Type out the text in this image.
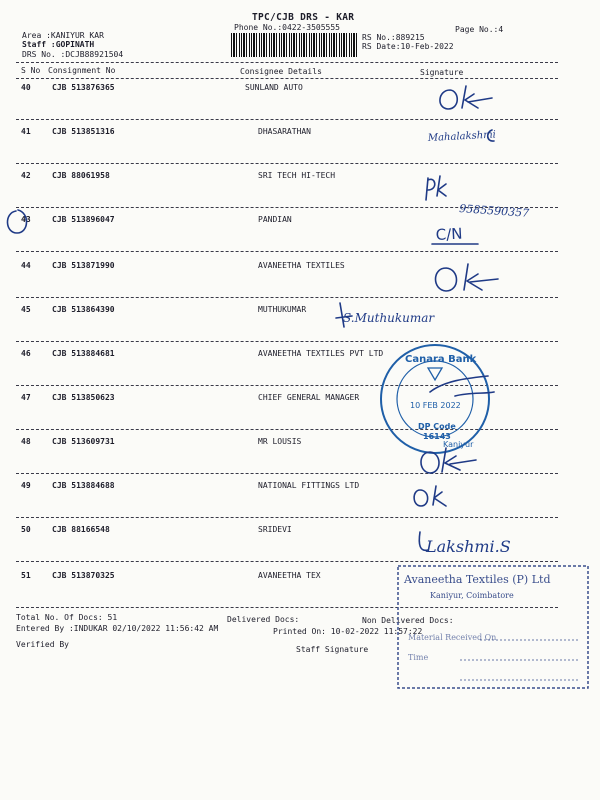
TPC/CJB DRS - KAR
Phone No.:0422-3505555	Page No.:4
Area :KANIYUR KAR
Staff :GOPINATH
DRS No. :DCJB88921504
RS No.:889215
RS Date:10-Feb-2022
S No Consignment No	Consignee Details	Signature
40	CJB 513876365	SUNLAND AUTO
41	CJB 513851316	DHASARATHAN
42	CJB 88061958	SRI TECH HI-TECH
43	CJB 513896047	PANDIAN
44	CJB 513871990	AVANEETHA TEXTILES
45	CJB 513864390	MUTHUKUMAR
46	CJB 513884681	AVANEETHA TEXTILES PVT LTD
47	CJB 513850623	CHIEF GENERAL MANAGER
48	CJB 513609731	MR LOUSIS
49	CJB 513884688	NATIONAL FITTINGS LTD
50	CJB 88166548	SRIDEVI
51	CJB 513870325	AVANEETHA TEX
Total No. Of Docs: 51	Delivered Docs:	Non Delivered Docs:
Entered By :INDUKAR 02/10/2022 11:56:42 AM	Printed On: 10-02-2022 11:57:22
Verified By
Staff Signature
Mahalakshmi
9585590357
C/N
S.Muthukumar
Canara Bank
10 FEB 2022
DP Code
16143
Kaniyur
Lakshmi.S
Avaneetha Textiles (P) Ltd
Kaniyur, Coimbatore
Material Received On
Time
